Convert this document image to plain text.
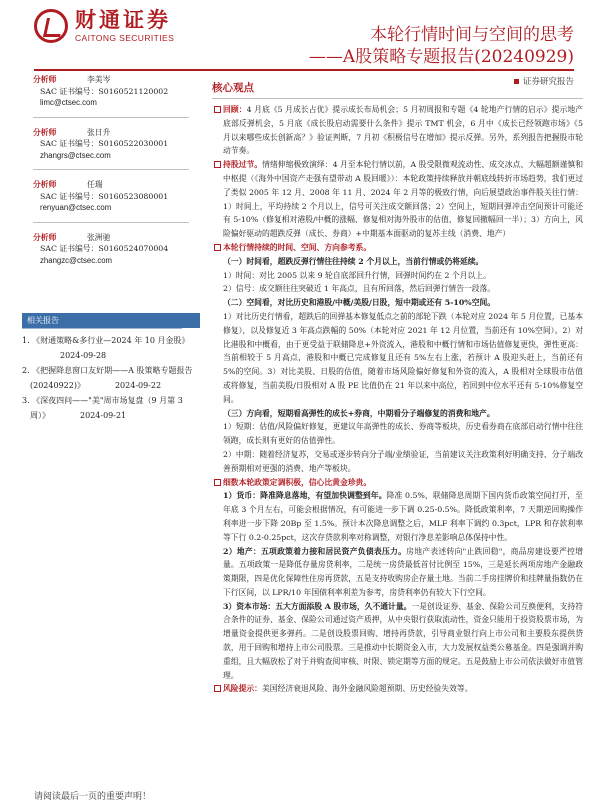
财通证券
CAITONG SECURITIES	本轮行情时间与空间的思考
——A股策略专题报告(20240929)
证券研究报告
分析师	李美岑
SAC 证书编号：S0160521120002
limc@ctsec.com
分析师	张日升
SAC 证书编号：S0160522030001
zhangrs@ctsec.com
分析师	任瑞
SAC 证书编号：S0160523080001
renyuan@ctsec.com
分析师	张洲驰
SAC 证书编号：S0160524070004
zhangzc@ctsec.com
相关报告
1. 《财通策略&多行业—2024 年 10 月金股》2024-09-28
2. 《把握降息窗口友好期——A 股策略专题报告(20240922)》	2024-09-22
3. 《深夜四问——"美"周市场复盘（9 月第 3 周）》	2024-09-21
核心观点
回顾：4 月底《5 月成长占优》提示成长布局机会；5 月初周报和专题《4 轮地产行情的启示》提示地产底部反弹机会，5 月底《成长股启动需要什么条件》提示 TMT 机会，6 月中《成长已经领跑市场》《5 月以来哪些成长创新高？》验证判断，7 月初《积极信号在增加》提示反弹。另外，系列报告把握股市轮动节奏。
持股过节。情绪伸缩极致演绎：4 月至本轮行情以前，A 股受限微观流动性、成交冰点、大幅超额谨慎和中枢提（《海外中国资产走强有望带动 A 股回暖》）：本轮政策持续释放并朝底线转折市场趋势，我们更过了类似 2005 年 12 月、2008 年 11 月、2024 年 2 月等的极致行情，向后展望政治事件股关往行情：1）时间上，平均持续 2 个月以上，信号可关注成交额回落；2）空间上，短期回弹冲击空间预计可能还有 5-10%（修复相对港股/中概的涨幅、修复相对海外股市的估值、修复回撤幅回一半）；3）方向上，风险偏好驱动的超跌反弹（成长、券商）+中期基本面驱动的复苏主线（消费、地产）
本轮行情持续的时间、空间、方向参考系。
（一）时间看，超跌反弹行情往往持续 2 个月以上，当前行情或仍将延续。
1）时间：对比 2005 以来 9 轮自底部回升行情，回弹时间约在 2 个月以上。
2）信号：成交额往往突破近 1 年高点，且有所回落，然后回弹行情告一段落。
（二）空间看，对比历史和港股/中概/美股/日股，短中期或还有 5-10%空间。
1）对比历史行情看，超跌后的回弹基本修复低点之前的部轮下跌（本轮对应 2024 年 5 月位置，已基本修复），以及修复近 3 年高点跌幅的 50%（本轮对应 2021 年 12 月位置，当前还有 10%空间）。2）对比港股和中概看，由于更受益于联储降息+外资流入，港股和中概行情和市场估值修复更快，弹性更高：当前相较于 5 月高点，港股和中概已完成修复且还有 5%左右上涨，若预计 A 股迎头赶上，当前还有 5%的空间。3）对比美股、日股的估值，随着市场风险偏好修复和外资的流入，A 股相对全球股市估值或将修复，当前美股/日股相对 A 股 PE 比值仍在 21 年以来中高位，若回到中位水平还有 5-10%修复空间。
（三）方向看，短期看高弹性的成长+券商，中期看分子端修复的消费和地产。
1）短期：估值/风险偏好修复，更建议年高弹性的成长、券商等板块，历史看券商在底部启动行情中往往领跑，成长则有更好的估值弹性。
2）中期：随着经济复苏，交易或逐步转向分子端/业绩验证，当前建议关注政策利好明确支持、分子端改善预期相对更强的消费、地产等板块。
细数本轮政策定调积极，信心比黄金珍贵。
1）货币：降准降息落地，有望加快调整到年。降准 0.5%，联储降息周期下国内货币政策空间打开，至年底 3 个月左右，可能会根据情况，有可能进一步下调 0.25-0.5%。降低政策利率，7 天期逆回购操作利率进一步下降 20Bp 至 1.5%。预计本次降息调整之后，MLF 利率下调约 0.3pct，LPR 和存款利率等下行 0.2-0.25pct，这次存贷款利率对称调整，对银行净息差影响总体保持中性。
2）地产：五项政策着力接和居民资产负债表压力。房地产表述转向"止跌回稳"，商品房建设要严控增量。五项政策一是降低存量房贷利率，二是统一房贷最低首付比例至 15%，三是延长两项房地产金融政策期限，四是优化保障性住房再贷款，五是支持收购房企存量土地。当前二手房挂牌价和挂牌量指数仍在下行区间，以 LPR/10 年国债利率利差为参考，房贷利率仍有较大下行空间。
3）资本市场：五大方面添股 A 股市场，久不通计量。一是创设证券、基金、保险公司互换便利，支持符合条件的证券、基金、保险公司通过资产质押，从中央银行获取流动性，资金只能用于投资股票市场，为增量资金提供更多弹药。二是创设股票回购、增持再贷款，引导商业银行向上市公司和主要股东提供贷款，用于回购和增持上市公司股票。三是推动中长期资金入市，大力发展权益类公募基金。四是强调并购重组，且大幅放松了对于并购查阅审核、时限、锁定期等方面的规定。五是鼓励上市公司依法做好市值管理。
风险提示：美国经济衰退风险、海外金融风险超预期、历史经验失效等。
请阅读最后一页的重要声明！
